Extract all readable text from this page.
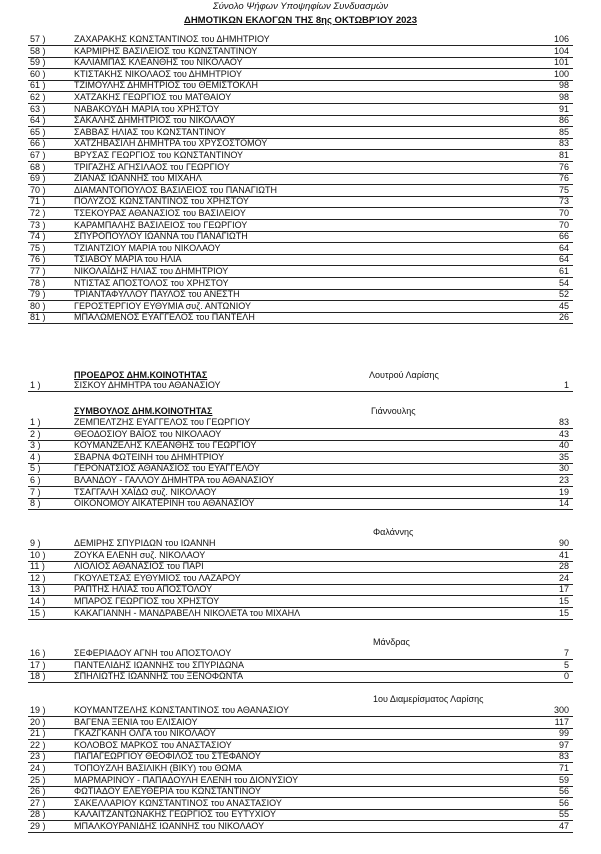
Σύνολο Ψήφων Υποψηφίων Συνδυασμών
ΔΗΜΟΤΙΚΩΝ ΕΚΛΟΓΩΝ ΤΗΣ 8ης ΟΚΤΩΒΡΊΟΥ 2023
57 )	ΖΑΧΑΡΑΚΗΣ ΚΩΝΣΤΑΝΤΙΝΟΣ του ΔΗΜΗΤΡΙΟΥ	106
58 )	ΚΑΡΜΙΡΗΣ ΒΑΣΙΛΕΙΟΣ του ΚΩΝΣΤΑΝΤΙΝΟΥ	104
59 )	ΚΑΛΙΑΜΠΑΣ ΚΛΕΑΝΘΗΣ του ΝΙΚΟΛΑΟΥ	101
60 )	ΚΤΙΣΤΑΚΗΣ ΝΙΚΟΛΑΟΣ του ΔΗΜΗΤΡΙΟΥ	100
61 )	ΤΖΙΜΟΥΛΗΣ ΔΗΜΗΤΡΙΟΣ του ΘΕΜΙΣΤΟΚΛΗ	98
62 )	ΧΑΤΖΑΚΗΣ ΓΕΩΡΓΙΟΣ του ΜΑΤΘΑΙΟΥ	98
63 )	ΝΑΒΑΚΟΥΔΗ ΜΑΡΙΑ του ΧΡΗΣΤΟΥ	91
64 )	ΣΑΚΑΛΗΣ ΔΗΜΗΤΡΙΟΣ του ΝΙΚΟΛΑΟΥ	86
65 )	ΣΑΒΒΑΣ ΗΛΙΑΣ του ΚΩΝΣΤΑΝΤΙΝΟΥ	85
66 )	ΧΑΤΖΗΒΑΣΙΛΗ ΔΗΜΗΤΡΑ του ΧΡΥΣΟΣΤΟΜΟΥ	83
67 )	ΒΡΥΣΑΣ ΓΕΩΡΓΙΟΣ του ΚΩΝΣΤΑΝΤΙΝΟΥ	81
68 )	ΤΡΙΓΑΖΗΣ ΑΓΗΣΙΛΑΟΣ του ΓΕΩΡΓΙΟΥ	76
69 )	ΖΙΑΝΑΣ ΙΩΑΝΝΗΣ του ΜΙΧΑΗΛ	76
70 )	ΔΙΑΜΑΝΤΟΠΟΥΛΟΣ ΒΑΣΙΛΕΙΟΣ του ΠΑΝΑΓΙΩΤΗ	75
71 )	ΠΟΛΥΖΟΣ ΚΩΝΣΤΑΝΤΙΝΟΣ του ΧΡΗΣΤΟΥ	73
72 )	ΤΣΕΚΟΥΡΑΣ ΑΘΑΝΑΣΙΟΣ του ΒΑΣΙΛΕΙΟΥ	70
73 )	ΚΑΡΑΜΠΑΛΗΣ ΒΑΣΙΛΕΙΟΣ του ΓΕΩΡΓΙΟΥ	70
74 )	ΣΠΥΡΟΠΟΥΛΟΥ ΙΩΑΝΝΑ του ΠΑΝΑΓΙΩΤΗ	66
75 )	ΤΖΙΑΝΤΖΙΟΥ ΜΑΡΙΑ του ΝΙΚΟΛΑΟΥ	64
76 )	ΤΣΙΑΒΟΥ ΜΑΡΙΑ του ΗΛΙΑ	64
77 )	ΝΙΚΟΛΑΪΔΗΣ ΗΛΙΑΣ του ΔΗΜΗΤΡΙΟΥ	61
78 )	ΝΤΙΣΤΑΣ ΑΠΟΣΤΟΛΟΣ του ΧΡΗΣΤΟΥ	54
79 )	ΤΡΙΑΝΤΑΦΥΛΛΟΥ ΠΑΥΛΟΣ του ΑΝΕΣΤΗ	52
80 )	ΓΕΡΟΣΤΕΡΓΙΟΥ ΕΥΘΥΜΙΑ συζ. ΑΝΤΩΝΙΟΥ	45
81 )	ΜΠΑΛΩΜΕΝΟΣ ΕΥΑΓΓΕΛΟΣ του ΠΑΝΤΕΛΗ	26
1 )	ΣΙΣΚΟΥ ΔΗΜΗΤΡΑ του ΑΘΑΝΑΣΙΟΥ	1
1 )	ΖΕΜΠΕΛΤΖΗΣ ΕΥΑΓΓΕΛΟΣ του ΓΕΩΡΓΙΟΥ	83
2 )	ΘΕΟΔΟΣΙΟΥ ΒΑΪΟΣ του ΝΙΚΟΛΑΟΥ	43
3 )	ΚΟΥΜΑΝΖΕΛΗΣ ΚΛΕΑΝΘΗΣ του ΓΕΩΡΓΙΟΥ	40
4 )	ΣΒΑΡΝΑ ΦΩΤΕΙΝΗ του ΔΗΜΗΤΡΙΟΥ	35
5 )	ΓΕΡΟΝΑΤΣΙΟΣ ΑΘΑΝΑΣΙΟΣ του ΕΥΑΓΓΕΛΟΥ	30
6 )	ΒΛΑΝΔΟΥ - ΓΑΛΛΟΥ ΔΗΜΗΤΡΑ του ΑΘΑΝΑΣΙΟΥ	23
7 )	ΤΣΑΓΓΑΛΗ ΧΑΪΔΩ συζ. ΝΙΚΟΛΑΟΥ	19
8 )	ΟΙΚΟΝΟΜΟΥ ΑΙΚΑΤΕΡΙΝΗ του ΑΘΑΝΑΣΙΟΥ	14
9 )	ΔΕΜΙΡΗΣ ΣΠΥΡΙΔΩΝ του ΙΩΑΝΝΗ	90
10 )	ΖΟΥΚΑ ΕΛΕΝΗ συζ. ΝΙΚΟΛΑΟΥ	41
11 )	ΛΙΟΛΙΟΣ ΑΘΑΝΑΣΙΟΣ του ΠΑΡΙ	28
12 )	ΓΚΟΥΛΕΤΣΑΣ ΕΥΘΥΜΙΟΣ του ΛΑΖΑΡΟΥ	24
13 )	ΡΑΠΤΗΣ ΗΛΙΑΣ του ΑΠΟΣΤΟΛΟΥ	17
14 )	ΜΠΑΡΟΣ ΓΕΩΡΓΙΟΣ του ΧΡΗΣΤΟΥ	15
15 )	ΚΑΚΑΓΙΑΝΝΗ - ΜΑΝΔΡΑΒΕΛΗ ΝΙΚΟΛΕΤΑ του ΜΙΧΑΗΛ	15
16 )	ΣΕΦΕΡΙΑΔΟΥ ΑΓΝΗ του ΑΠΟΣΤΟΛΟΥ	7
17 )	ΠΑΝΤΕΛΙΔΗΣ ΙΩΑΝΝΗΣ του ΣΠΥΡΙΔΩΝΑ	5
18 )	ΣΠΗΛΙΩΤΗΣ ΙΩΑΝΝΗΣ του ΞΕΝΟΦΩΝΤΑ	0
19 )	ΚΟΥΜΑΝΤΖΕΛΗΣ ΚΩΝΣΤΑΝΤΙΝΟΣ του ΑΘΑΝΑΣΙΟΥ	300
20 )	ΒΑΓΕΝΑ ΞΕΝΙΑ του ΕΛΙΣΑΙΟΥ	117
21 )	ΓΚΑΖΓΚΑΝΗ ΟΛΓΑ του ΝΙΚΟΛΑΟΥ	99
22 )	ΚΟΛΟΒΟΣ ΜΑΡΚΟΣ του ΑΝΑΣΤΑΣΙΟΥ	97
23 )	ΠΑΠΑΓΕΩΡΓΙΟΥ ΘΕΟΦΙΛΟΣ του ΣΤΕΦΑΝΟΥ	83
24 )	ΤΟΠΟΥΖΛΗ ΒΑΣΙΛΙΚΗ (ΒΙΚΥ) του ΘΩΜΑ	71
25 )	ΜΑΡΜΑΡΙΝΟΥ - ΠΑΠΑΔΟΥΛΗ ΕΛΕΝΗ του ΔΙΟΝΥΣΙΟΥ	59
26 )	ΦΩΤΙΑΔΟΥ ΕΛΕΥΘΕΡΙΑ του ΚΩΝΣΤΑΝΤΙΝΟΥ	56
27 )	ΣΑΚΕΛΛΑΡΙΟΥ ΚΩΝΣΤΑΝΤΙΝΟΣ του ΑΝΑΣΤΑΣΙΟΥ	56
28 )	ΚΑΛΑΪΤΖΑΝΤΩΝΑΚΗΣ ΓΕΩΡΓΙΟΣ του ΕΥΤΥΧΙΟΥ	55
29 )	ΜΠΑΛΚΟΥΡΑΝΙΔΗΣ ΙΩΑΝΝΗΣ του ΝΙΚΟΛΑΟΥ	47
ΠΡΟΕΔΡΟΣ ΔΗΜ.ΚΟΙΝΟΤΗΤΑΣ	Λουτρού Λαρίσης
ΣΥΜΒΟΥΛΟΣ ΔΗΜ.ΚΟΙΝΟΤΗΤΑΣ	Γιάννουλης
Φαλάννης
Μάνδρας
1ου Διαμερίσματος Λαρίσης
